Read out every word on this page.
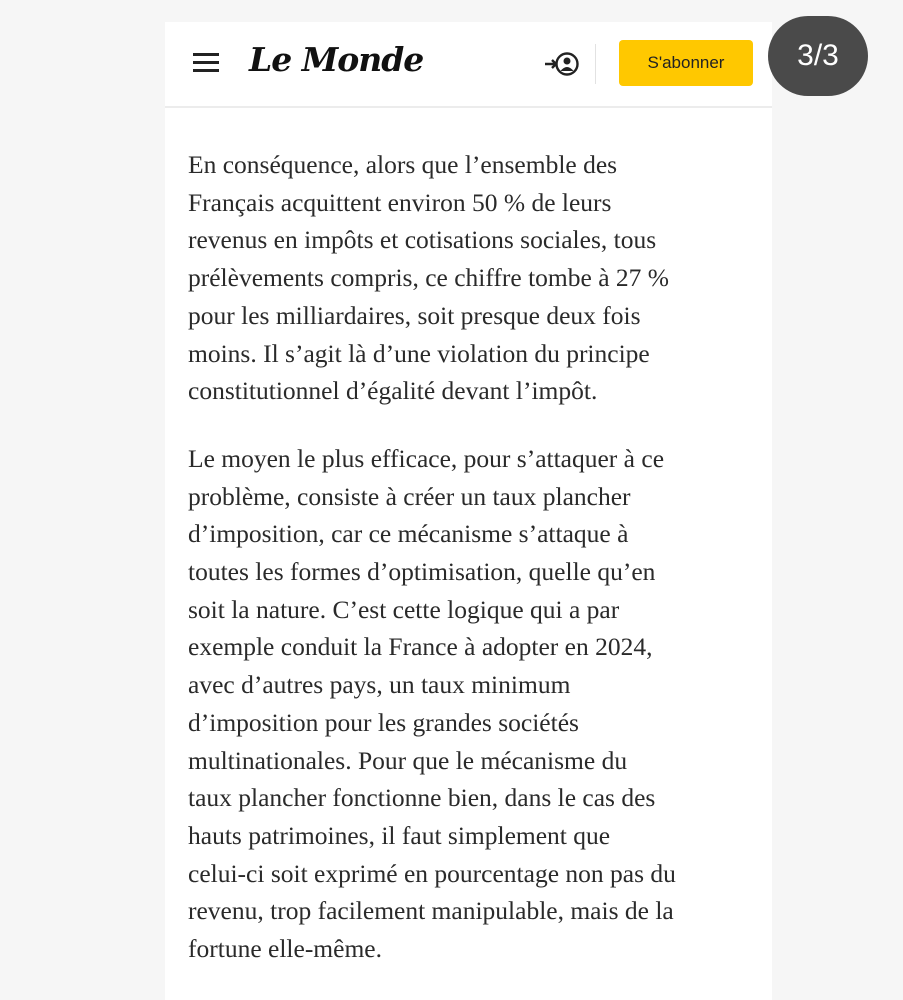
Le Monde	S'abonner	3/3

En conséquence, alors que l’ensemble des
Français acquittent environ 50 % de leurs
revenus en impôts et cotisations sociales, tous
prélèvements compris, ce chiffre tombe à 27 %
pour les milliardaires, soit presque deux fois
moins. Il s’agit là d’une violation du principe
constitutionnel d’égalité devant l’impôt.

Le moyen le plus efficace, pour s’attaquer à ce
problème, consiste à créer un taux plancher
d’imposition, car ce mécanisme s’attaque à
toutes les formes d’optimisation, quelle qu’en
soit la nature. C’est cette logique qui a par
exemple conduit la France à adopter en 2024,
avec d’autres pays, un taux minimum
d’imposition pour les grandes sociétés
multinationales. Pour que le mécanisme du
taux plancher fonctionne bien, dans le cas des
hauts patrimoines, il faut simplement que
celui-ci soit exprimé en pourcentage non pas du
revenu, trop facilement manipulable, mais de la
fortune elle-même.
